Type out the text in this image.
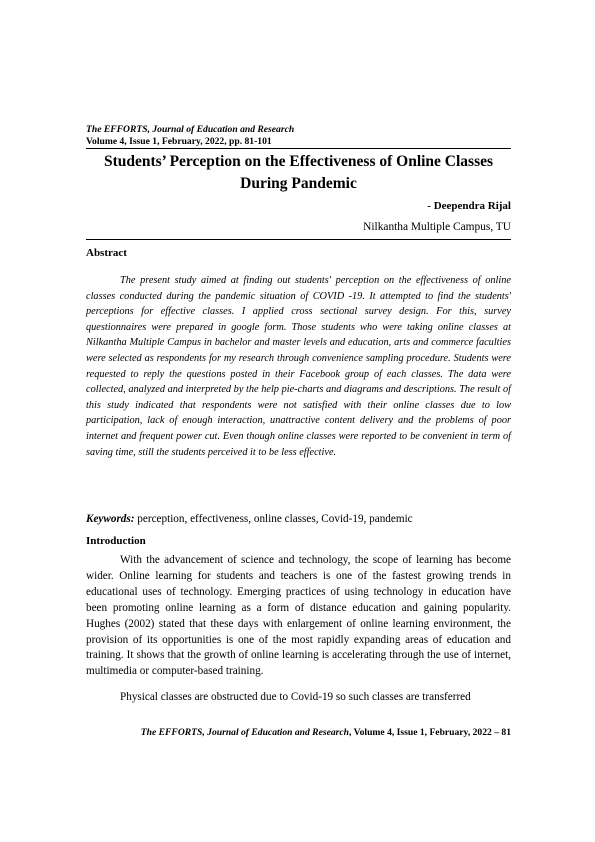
The EFFORTS, Journal of Education and Research
Volume 4, Issue 1, February, 2022, pp. 81-101
Students’ Perception on the Effectiveness of Online Classes
During Pandemic
- Deependra Rijal
Nilkantha Multiple Campus, TU
Abstract
The present study aimed at finding out students' perception on the effectiveness of online classes conducted during the pandemic situation of COVID -19. It attempted to find the students' perceptions for effective classes. I applied cross sectional survey design. For this, survey questionnaires were prepared in google form. Those students who were taking online classes at Nilkantha Multiple Campus in bachelor and master levels and education, arts and commerce faculties were selected as respondents for my research through convenience sampling procedure. Students were requested to reply the questions posted in their Facebook group of each classes. The data were collected, analyzed and interpreted by the help pie-charts and diagrams and descriptions. The result of this study indicated that respondents were not satisfied with their online classes due to low participation, lack of enough interaction, unattractive content delivery and the problems of poor internet and frequent power cut. Even though online classes were reported to be convenient in term of saving time, still the students perceived it to be less effective.
Keywords: perception, effectiveness, online classes, Covid-19, pandemic
Introduction
With the advancement of science and technology, the scope of learning has become wider. Online learning for students and teachers is one of the fastest growing trends in educational uses of technology. Emerging practices of using technology in education have been promoting online learning as a form of distance education and gaining popularity. Hughes (2002) stated that these days with enlargement of online learning environment, the provision of its opportunities is one of the most rapidly expanding areas of education and training. It shows that the growth of online learning is accelerating through the use of internet, multimedia or computer-based training.
Physical classes are obstructed due to Covid-19 so such classes are transferred
The EFFORTS, Journal of Education and Research, Volume 4, Issue 1, February, 2022 – 81
